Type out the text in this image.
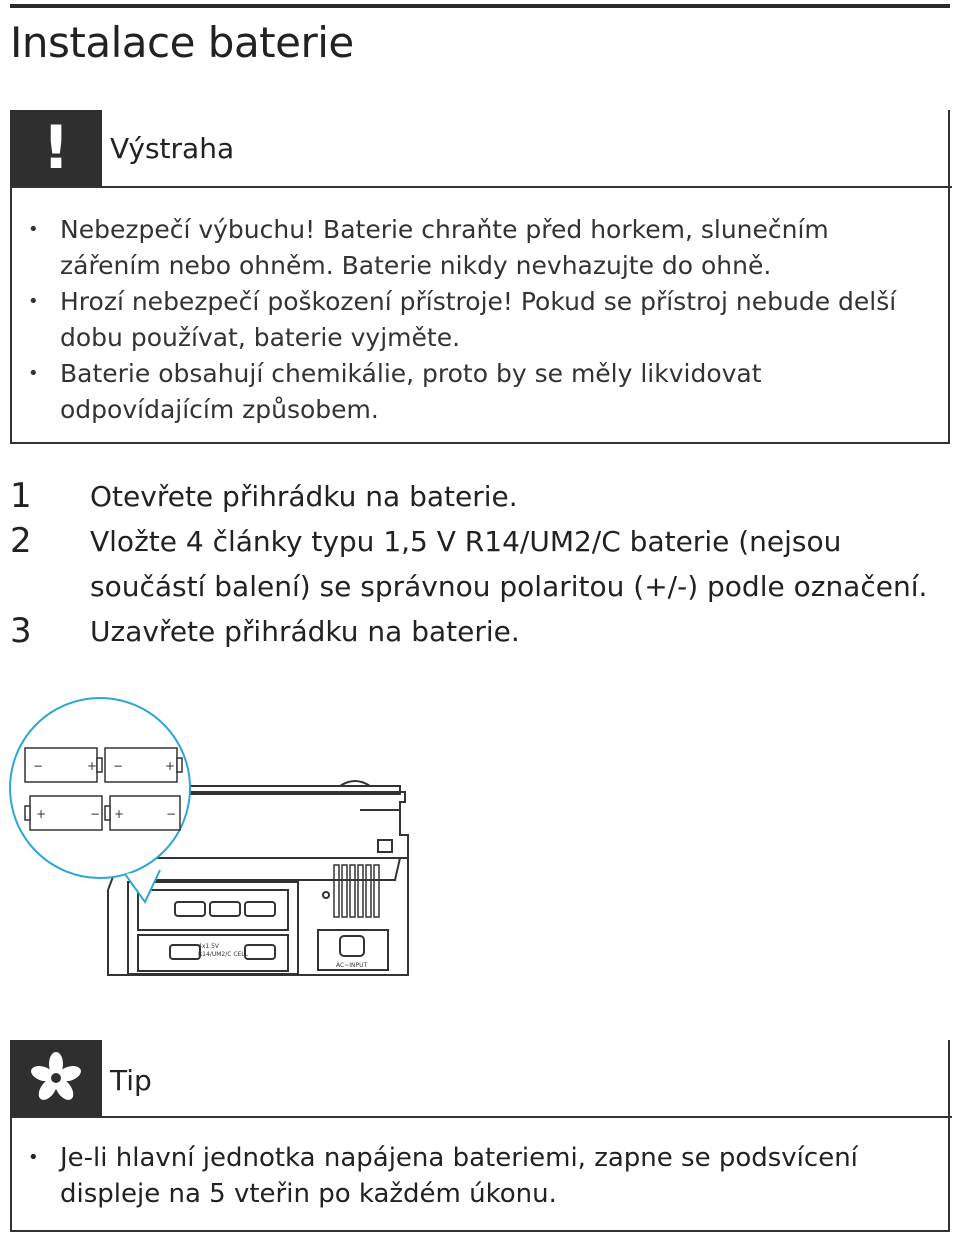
Instalace baterie
! Výstraha
• Nebezpečí výbuchu! Baterie chraňte před horkem, slunečním zářením nebo ohněm. Baterie nikdy nevhazujte do ohně.
• Hrozí nebezpečí poškození přístroje! Pokud se přístroj nebude delší dobu používat, baterie vyjměte.
• Baterie obsahují chemikálie, proto by se měly likvidovat odpovídajícím způsobem.
1 Otevřete přihrádku na baterie.
2 Vložte 4 články typu 1,5 V R14/UM2/C baterie (nejsou součástí balení) se správnou polaritou (+/-) podle označení.
3 Uzavřete přihrádku na baterie.
4x1.5V
R14/UM2/C CELL
AC~INPUT
−	+ −	+
+	− +	−
Tip
• Je-li hlavní jednotka napájena bateriemi, zapne se podsvícení displeje na 5 vteřin po každém úkonu.
